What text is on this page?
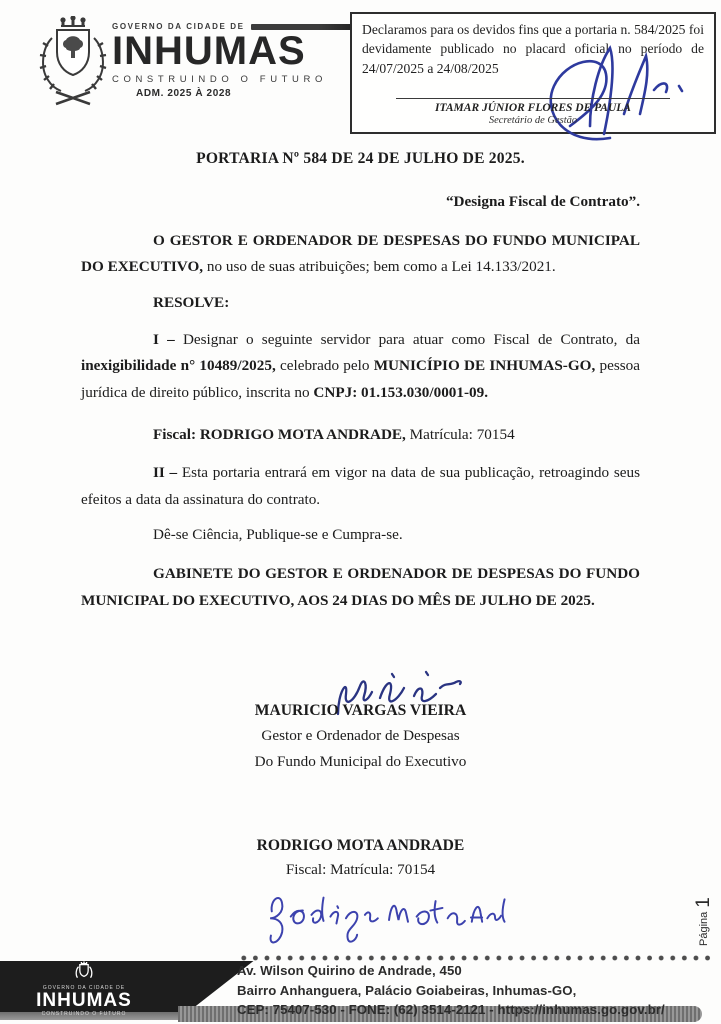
GOVERNO DA CIDADE DE
INHUMAS
CONSTRUINDO O FUTURO
ADM. 2025 À 2028
Declaramos para os devidos fins que a portaria n. 584/2025 foi devidamente publicado no placard oficial no período de 24/07/2025 a 24/08/2025
ITAMAR JÚNIOR FLORES DE PAULA
Secretário de Gestão
PORTARIA Nº 584 DE 24 DE JULHO DE 2025.
“Designa Fiscal de Contrato”.

O GESTOR E ORDENADOR DE DESPESAS DO FUNDO MUNICIPAL DO EXECUTIVO, no uso de suas atribuições; bem como a Lei 14.133/2021.

RESOLVE:

I – Designar o seguinte servidor para atuar como Fiscal de Contrato, da inexigibilidade n° 10489/2025, celebrado pelo MUNICÍPIO DE INHUMAS-GO, pessoa jurídica de direito público, inscrita no CNPJ: 01.153.030/0001-09.

Fiscal: RODRIGO MOTA ANDRADE, Matrícula: 70154

II – Esta portaria entrará em vigor na data de sua publicação, retroagindo seus efeitos a data da assinatura do contrato.

Dê-se Ciência, Publique-se e Cumpra-se.

GABINETE DO GESTOR E ORDENADOR DE DESPESAS DO FUNDO MUNICIPAL DO EXECUTIVO, AOS 24 DIAS DO MÊS DE JULHO DE 2025.

MAURICIO VARGAS VIEIRA
Gestor e Ordenador de Despesas
Do Fundo Municipal do Executivo
RODRIGO MOTA ANDRADE
Fiscal: Matrícula: 70154
Página
1
GOVERNO DA CIDADE DE
INHUMAS
CONSTRUINDO O FUTURO
Av. Wilson Quirino de Andrade, 450
Bairro Anhanguera, Palácio Goiabeiras, Inhumas-GO,
CEP: 75407-530 - FONE: (62) 3514-2121 - https://inhumas.go.gov.br/
